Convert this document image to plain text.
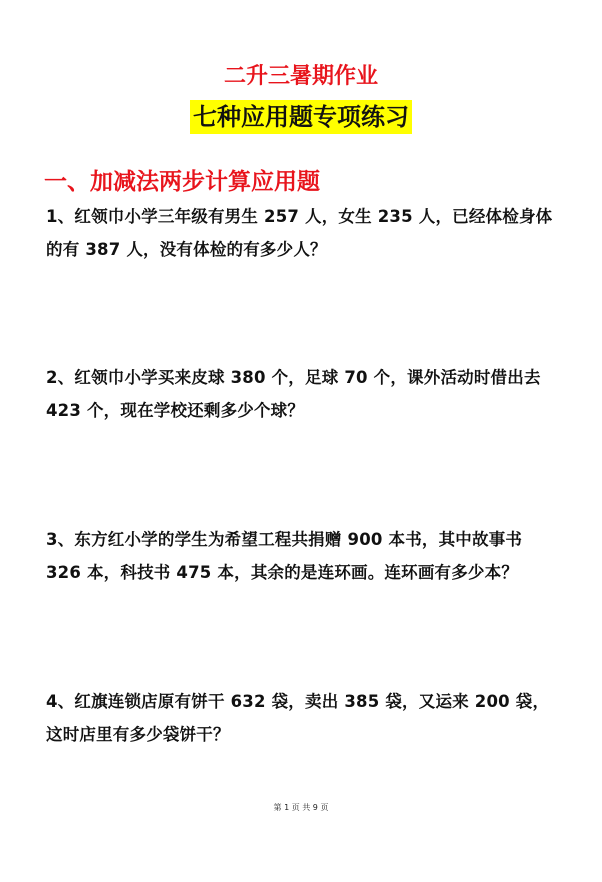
二升三暑期作业
七种应用题专项练习
一、加减法两步计算应用题

1、红领巾小学三年级有男生 257 人，女生 235 人，已经体检身体的有 387 人，没有体检的有多少人？

2、红领巾小学买来皮球 380 个，足球 70 个，课外活动时借出去 423 个，现在学校还剩多少个球？

3、东方红小学的学生为希望工程共捐赠 900 本书，其中故事书 326 本，科技书 475 本，其余的是连环画。连环画有多少本？

4、红旗连锁店原有饼干 632 袋，卖出 385 袋，又运来 200 袋，这时店里有多少袋饼干？

第 1 页 共 9 页
